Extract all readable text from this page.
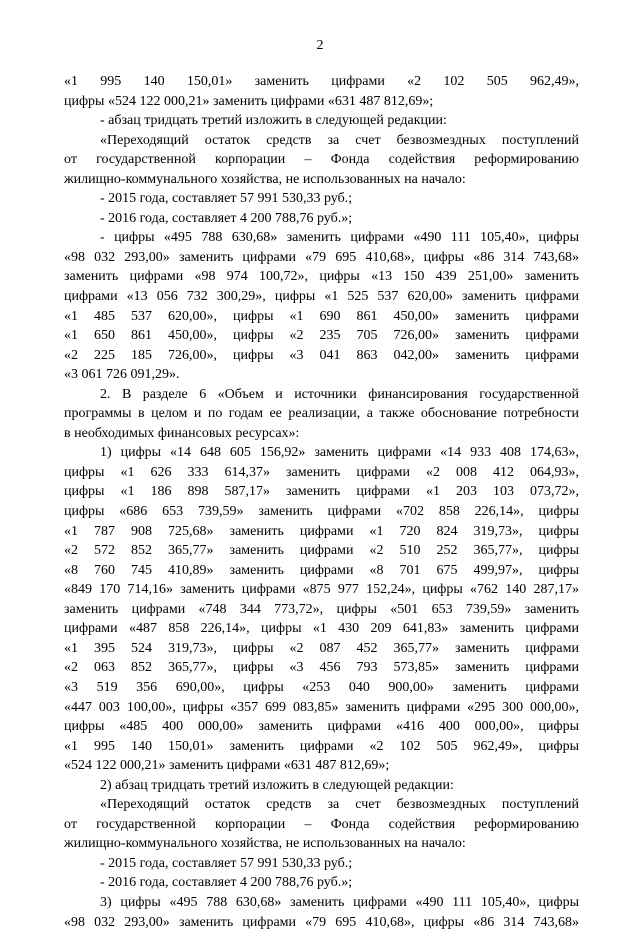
2
«1 995 140 150,01» заменить цифрами «2 102 505 962,49»,
цифры «524 122 000,21» заменить цифрами «631 487 812,69»;
- абзац тридцать третий изложить в следующей редакции:
«Переходящий остаток средств за счет безвозмездных поступлений
от государственной корпорации – Фонда содействия реформированию
жилищно-коммунального хозяйства, не использованных на начало:
- 2015 года, составляет 57 991 530,33 руб.;
- 2016 года, составляет 4 200 788,76 руб.»;
- цифры «495 788 630,68» заменить цифрами «490 111 105,40», цифры
«98 032 293,00» заменить цифрами «79 695 410,68», цифры «86 314 743,68»
заменить цифрами «98 974 100,72», цифры «13 150 439 251,00» заменить
цифрами «13 056 732 300,29», цифры «1 525 537 620,00» заменить цифрами
«1 485 537 620,00», цифры «1 690 861 450,00» заменить цифрами
«1 650 861 450,00», цифры «2 235 705 726,00» заменить цифрами
«2 225 185 726,00», цифры «3 041 863 042,00» заменить цифрами
«3 061 726 091,29».
2. В разделе 6 «Объем и источники финансирования государственной
программы в целом и по годам ее реализации, а также обоснование потребности
в необходимых финансовых ресурсах»:
1) цифры «14 648 605 156,92» заменить цифрами «14 933 408 174,63»,
цифры «1 626 333 614,37» заменить цифрами «2 008 412 064,93»,
цифры «1 186 898 587,17» заменить цифрами «1 203 103 073,72»,
цифры «686 653 739,59» заменить цифрами «702 858 226,14», цифры
«1 787 908 725,68» заменить цифрами «1 720 824 319,73», цифры
«2 572 852 365,77» заменить цифрами «2 510 252 365,77», цифры
«8 760 745 410,89» заменить цифрами «8 701 675 499,97», цифры
«849 170 714,16» заменить цифрами «875 977 152,24», цифры «762 140 287,17»
заменить цифрами «748 344 773,72», цифры «501 653 739,59» заменить
цифрами «487 858 226,14», цифры «1 430 209 641,83» заменить цифрами
«1 395 524 319,73», цифры «2 087 452 365,77» заменить цифрами
«2 063 852 365,77», цифры «3 456 793 573,85» заменить цифрами
«3 519 356 690,00», цифры «253 040 900,00» заменить цифрами
«447 003 100,00», цифры «357 699 083,85» заменить цифрами «295 300 000,00»,
цифры «485 400 000,00» заменить цифрами «416 400 000,00», цифры
«1 995 140 150,01» заменить цифрами «2 102 505 962,49», цифры
«524 122 000,21» заменить цифрами «631 487 812,69»;
2) абзац тридцать третий изложить в следующей редакции:
«Переходящий остаток средств за счет безвозмездных поступлений
от государственной корпорации – Фонда содействия реформированию
жилищно-коммунального хозяйства, не использованных на начало:
- 2015 года, составляет 57 991 530,33 руб.;
- 2016 года, составляет 4 200 788,76 руб.»;
3) цифры «495 788 630,68» заменить цифрами «490 111 105,40», цифры
«98 032 293,00» заменить цифрами «79 695 410,68», цифры «86 314 743,68»
